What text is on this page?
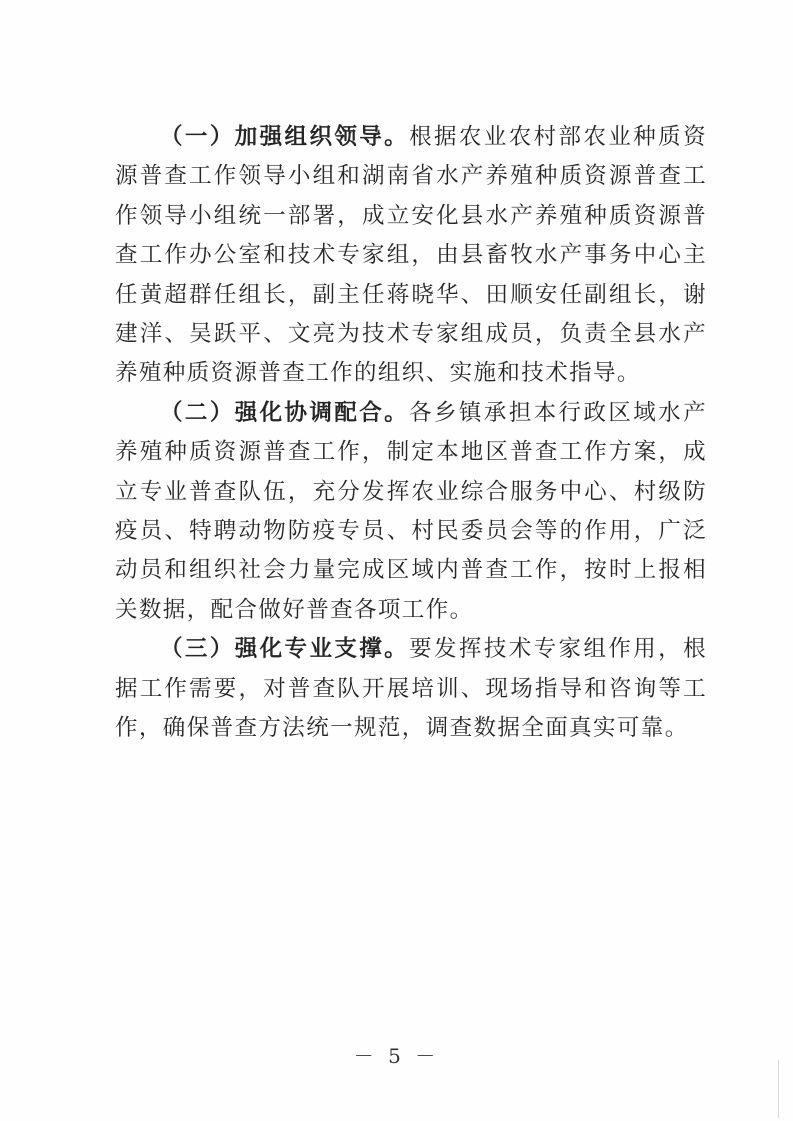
（一）加强组织领导。根据农业农村部农业种质资源普查工作领导小组和湖南省水产养殖种质资源普查工作领导小组统一部署，成立安化县水产养殖种质资源普查工作办公室和技术专家组，由县畜牧水产事务中心主任黄超群任组长，副主任蒋晓华、田顺安任副组长，谢建洋、吴跃平、文亮为技术专家组成员，负责全县水产养殖种质资源普查工作的组织、实施和技术指导。

（二）强化协调配合。各乡镇承担本行政区域水产养殖种质资源普查工作，制定本地区普查工作方案，成立专业普查队伍，充分发挥农业综合服务中心、村级防疫员、特聘动物防疫专员、村民委员会等的作用，广泛动员和组织社会力量完成区域内普查工作，按时上报相关数据，配合做好普查各项工作。

（三）强化专业支撑。要发挥技术专家组作用，根据工作需要，对普查队开展培训、现场指导和咨询等工作，确保普查方法统一规范，调查数据全面真实可靠。

－ 5 －
